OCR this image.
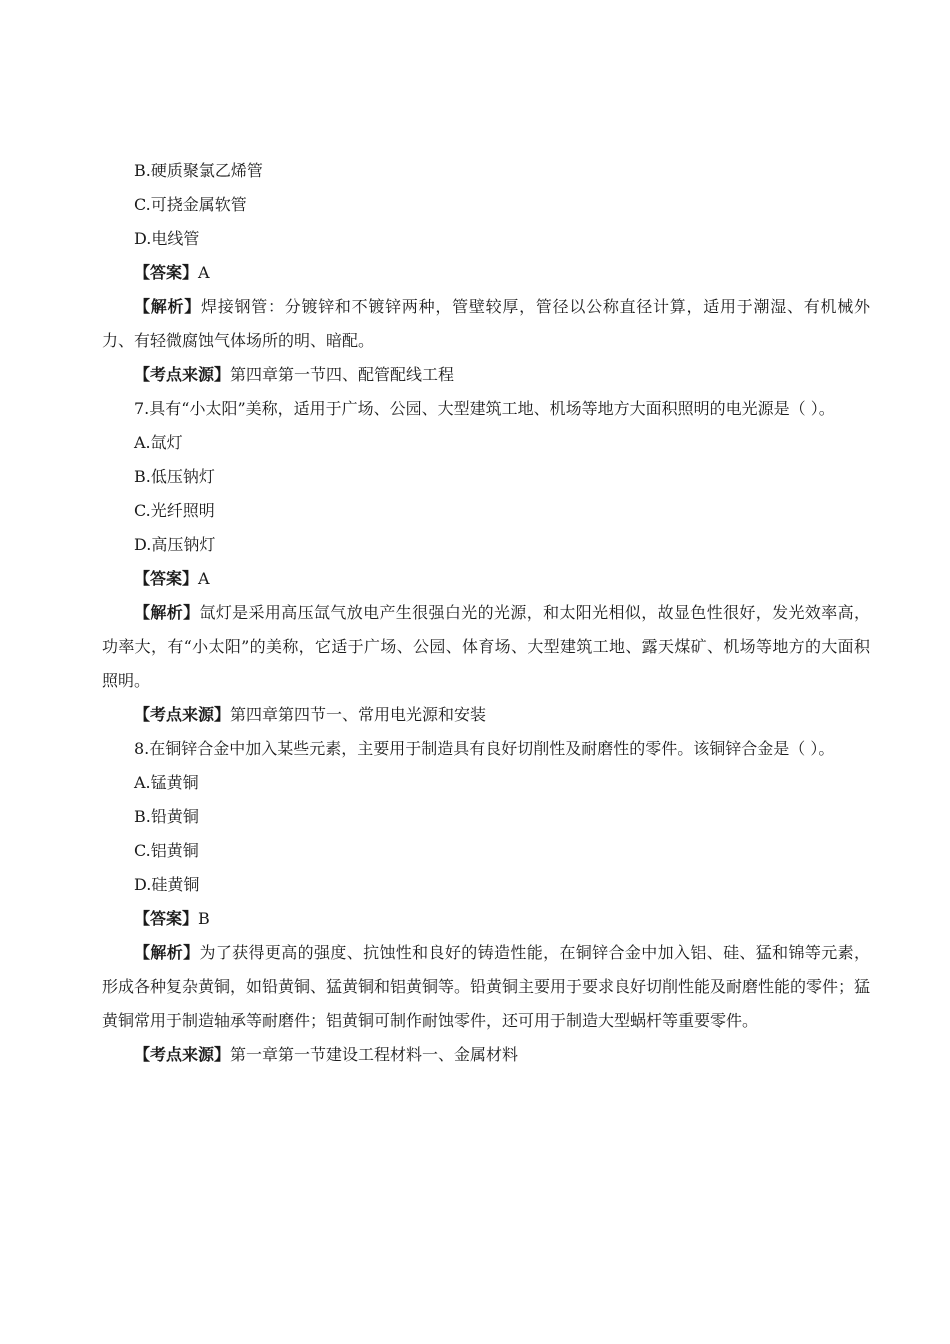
B.硬质聚氯乙烯管
C.可挠金属软管
D.电线管
【答案】A
【解析】焊接钢管：分镀锌和不镀锌两种，管壁较厚，管径以公称直径计算，适用于潮湿、有机械外力、有轻微腐蚀气体场所的明、暗配。
【考点来源】第四章第一节四、配管配线工程
7.具有“小太阳”美称，适用于广场、公园、大型建筑工地、机场等地方大面积照明的电光源是（ ）。
A.氙灯
B.低压钠灯
C.光纤照明
D.高压钠灯
【答案】A
【解析】氙灯是采用高压氙气放电产生很强白光的光源，和太阳光相似，故显色性很好，发光效率高，功率大，有“小太阳”的美称，它适于广场、公园、体育场、大型建筑工地、露天煤矿、机场等地方的大面积照明。
【考点来源】第四章第四节一、常用电光源和安装
8.在铜锌合金中加入某些元素，主要用于制造具有良好切削性及耐磨性的零件。该铜锌合金是（ ）。
A.锰黄铜
B.铅黄铜
C.铝黄铜
D.硅黄铜
【答案】B
【解析】为了获得更高的强度、抗蚀性和良好的铸造性能，在铜锌合金中加入铝、硅、猛和锦等元素，形成各种复杂黄铜，如铅黄铜、猛黄铜和铝黄铜等。铅黄铜主要用于要求良好切削性能及耐磨性能的零件；猛黄铜常用于制造轴承等耐磨件；铝黄铜可制作耐蚀零件，还可用于制造大型蜗杆等重要零件。
【考点来源】第一章第一节建设工程材料一、金属材料
